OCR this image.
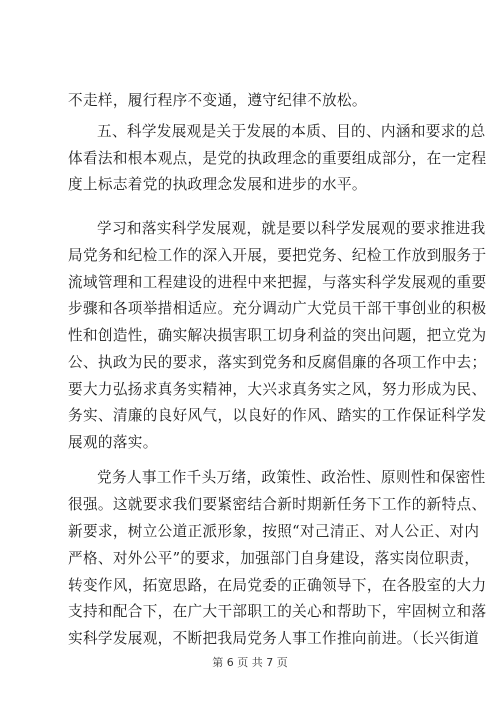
不走样，履行程序不变通，遵守纪律不放松。
五、科学发展观是关于发展的本质、目的、内涵和要求的总
体看法和根本观点，是党的执政理念的重要组成部分，在一定程
度上标志着党的执政理念发展和进步的水平。
学习和落实科学发展观，就是要以科学发展观的要求推进我
局党务和纪检工作的深入开展，要把党务、纪检工作放到服务于
流域管理和工程建设的进程中来把握，与落实科学发展观的重要
步骤和各项举措相适应。充分调动广大党员干部干事创业的积极
性和创造性，确实解决损害职工切身利益的突出问题，把立党为
公、执政为民的要求，落实到党务和反腐倡廉的各项工作中去；
要大力弘扬求真务实精神，大兴求真务实之风，努力形成为民、
务实、清廉的良好风气，以良好的作风、踏实的工作保证科学发
展观的落实。
党务人事工作千头万绪，政策性、政治性、原则性和保密性
很强。这就要求我们要紧密结合新时期新任务下工作的新特点、
新要求，树立公道正派形象，按照“对己清正、对人公正、对内
严格、对外公平”的要求，加强部门自身建设，落实岗位职责，
转变作风，拓宽思路，在局党委的正确领导下，在各股室的大力
支持和配合下，在广大干部职工的关心和帮助下，牢固树立和落
实科学发展观，不断把我局党务人事工作推向前进。（长兴街道
第 6 页 共 7 页
